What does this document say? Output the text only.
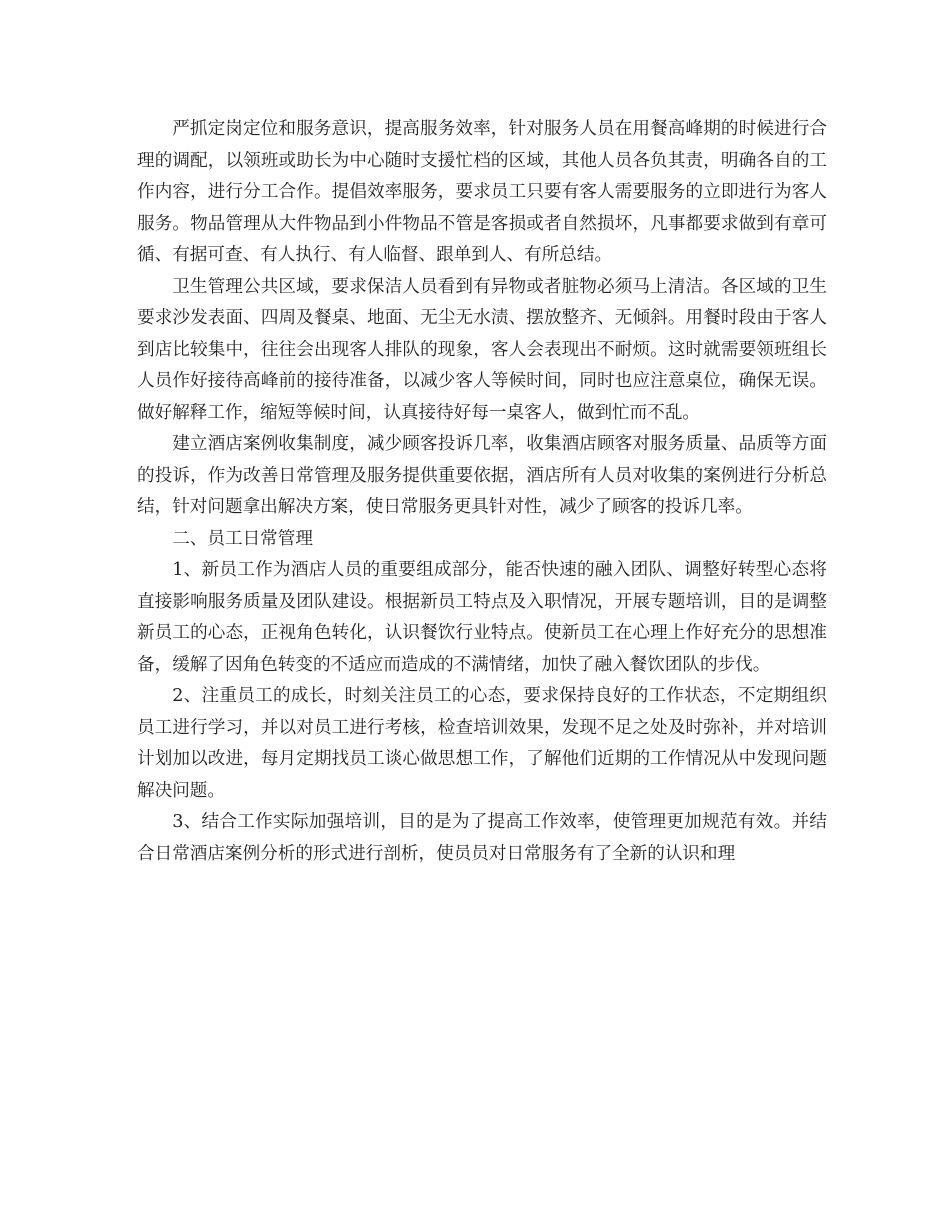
严抓定岗定位和服务意识，提高服务效率，针对服务人员在用餐高峰期的时候进行合理的调配，以领班或助长为中心随时支援忙档的区域，其他人员各负其责，明确各自的工作内容，进行分工合作。提倡效率服务，要求员工只要有客人需要服务的立即进行为客人服务。物品管理从大件物品到小件物品不管是客损或者自然损坏，凡事都要求做到有章可循、有据可查、有人执行、有人临督、跟单到人、有所总结。

卫生管理公共区域，要求保洁人员看到有异物或者脏物必须马上清洁。各区域的卫生要求沙发表面、四周及餐桌、地面、无尘无水渍、摆放整齐、无倾斜。用餐时段由于客人到店比较集中，往往会出现客人排队的现象，客人会表现出不耐烦。这时就需要领班组长人员作好接待高峰前的接待准备，以减少客人等候时间，同时也应注意桌位，确保无误。做好解释工作，缩短等候时间，认真接待好每一桌客人，做到忙而不乱。

建立酒店案例收集制度，减少顾客投诉几率，收集酒店顾客对服务质量、品质等方面的投诉，作为改善日常管理及服务提供重要依据，酒店所有人员对收集的案例进行分析总结，针对问题拿出解决方案，使日常服务更具针对性，减少了顾客的投诉几率。

二、员工日常管理

1、新员工作为酒店人员的重要组成部分，能否快速的融入团队、调整好转型心态将直接影响服务质量及团队建设。根据新员工特点及入职情况，开展专题培训，目的是调整新员工的心态，正视角色转化，认识餐饮行业特点。使新员工在心理上作好充分的思想准备，缓解了因角色转变的不适应而造成的不满情绪，加快了融入餐饮团队的步伐。

2、注重员工的成长，时刻关注员工的心态，要求保持良好的工作状态，不定期组织员工进行学习，并以对员工进行考核，检查培训效果，发现不足之处及时弥补，并对培训计划加以改进，每月定期找员工谈心做思想工作，了解他们近期的工作情况从中发现问题解决问题。

3、结合工作实际加强培训，目的是为了提高工作效率，使管理更加规范有效。并结合日常酒店案例分析的形式进行剖析，使员员对日常服务有了全新的认识和理
